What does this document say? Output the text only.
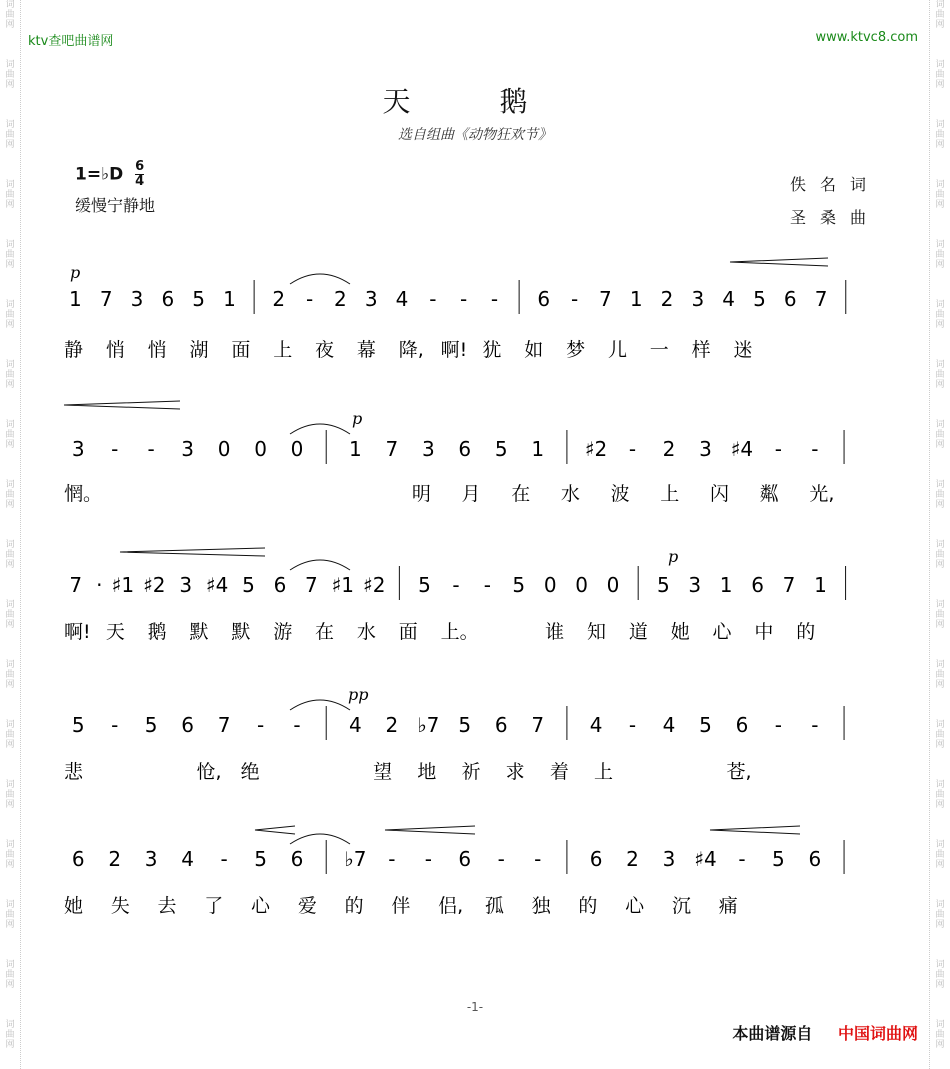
词
曲
网
词
曲
网
词
曲
网
词
曲
网
词
曲
网
词
曲
网
词
曲
网
词
曲
网
词
曲
网
词
曲
网
词
曲
网
词
曲
网
词
曲
网
词
曲
网
词
曲
网
词
曲
网
词
曲
网
词
曲
网
词
曲
网
词
曲
网
词
曲
网
词
曲
网
词
曲
网
词
曲
网
词
曲
网
词
曲
网
词
曲
网
词
曲
网
词
曲
网
词
曲
网
词
曲
网
词
曲
网
词
曲
网
词
曲
网
词
曲
网
词
曲
网
ktv查吧曲谱网	www.ktvc8.com
天 鹅
选自组曲《动物狂欢节》
1=♭D $\frac{6}{4}$
缓慢宁静地
佚名词
圣桑曲
p
p
p
pp
1 7 3 6 5 1 2 - 2 3 4 - - - 6 - 7 1 2 3 4 5 6 7
3 - - 3 0 0 0 1 7 3 6 5 1 ♯2 - 2 3 ♯4 - -
7 · ♯1 ♯2 3 ♯4 5 6 7 ♯1 ♯2 5 - - 5 0 0 0 5 3 1 6 7 1
5 - 5 6 7 - - 4 2 ♭7 5 6 7 4 - 4 5 6 - -
6 2 3 4 - 5 6 ♭7 - - 6 - - 6 2 3 ♯4 - 5 6
静 悄 悄 湖 面 上 夜 幕 降, 啊! 犹 如 梦 儿 一 样 迷
惘。	明 月 在 水 波 上 闪 粼 光,
啊! 天 鹅 默 默 游 在 水 面 上。	谁 知 道 她 心 中 的
悲	怆, 绝	望 地 祈 求 着 上	苍,
她 失 去 了 心 爱 的 伴 侣, 孤 独 的 心 沉 痛
-1-
本曲谱源自 中国词曲网
